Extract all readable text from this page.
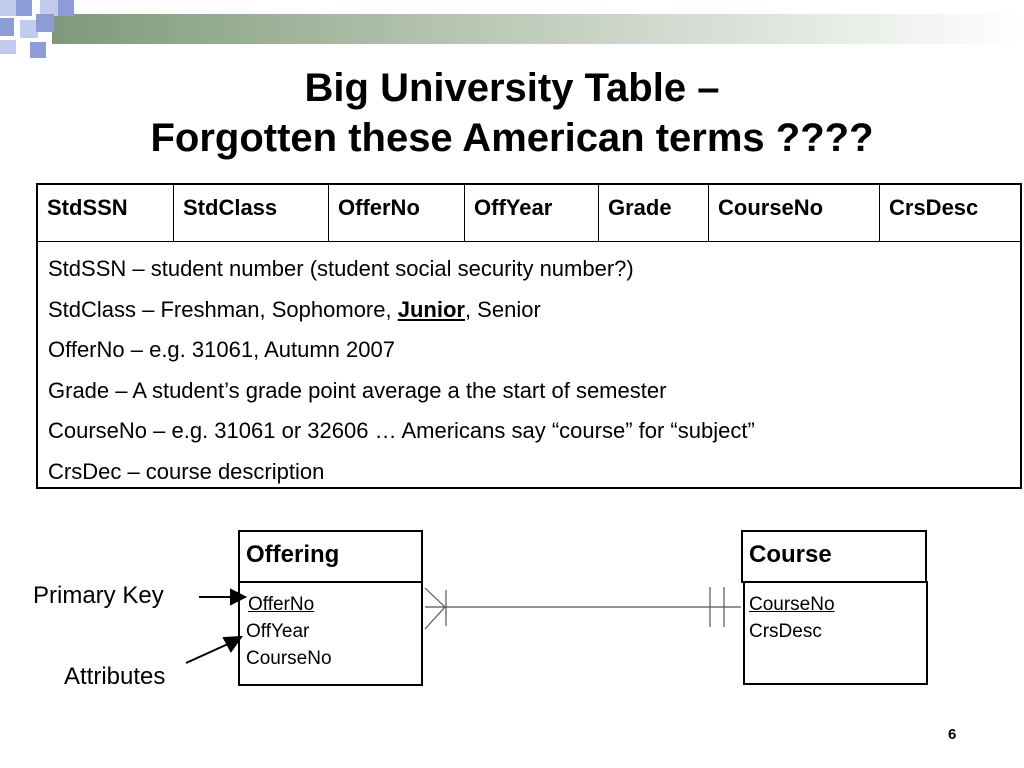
Big University Table –
Forgotten these American terms ????
StdSSN	StdClass	OfferNo	OffYear	Grade	CourseNo	CrsDesc
StdSSN – student number (student social security number?)
StdClass – Freshman, Sophomore, Junior, Senior
OfferNo – e.g. 31061, Autumn 2007
Grade – A student’s grade point average a the start of semester
CourseNo – e.g. 31061 or 32606 … Americans say “course” for “subject”
CrsDec – course description
Offering
OfferNo
OffYear
CourseNo
Course
CourseNo
CrsDesc
Primary Key
Attributes
6
